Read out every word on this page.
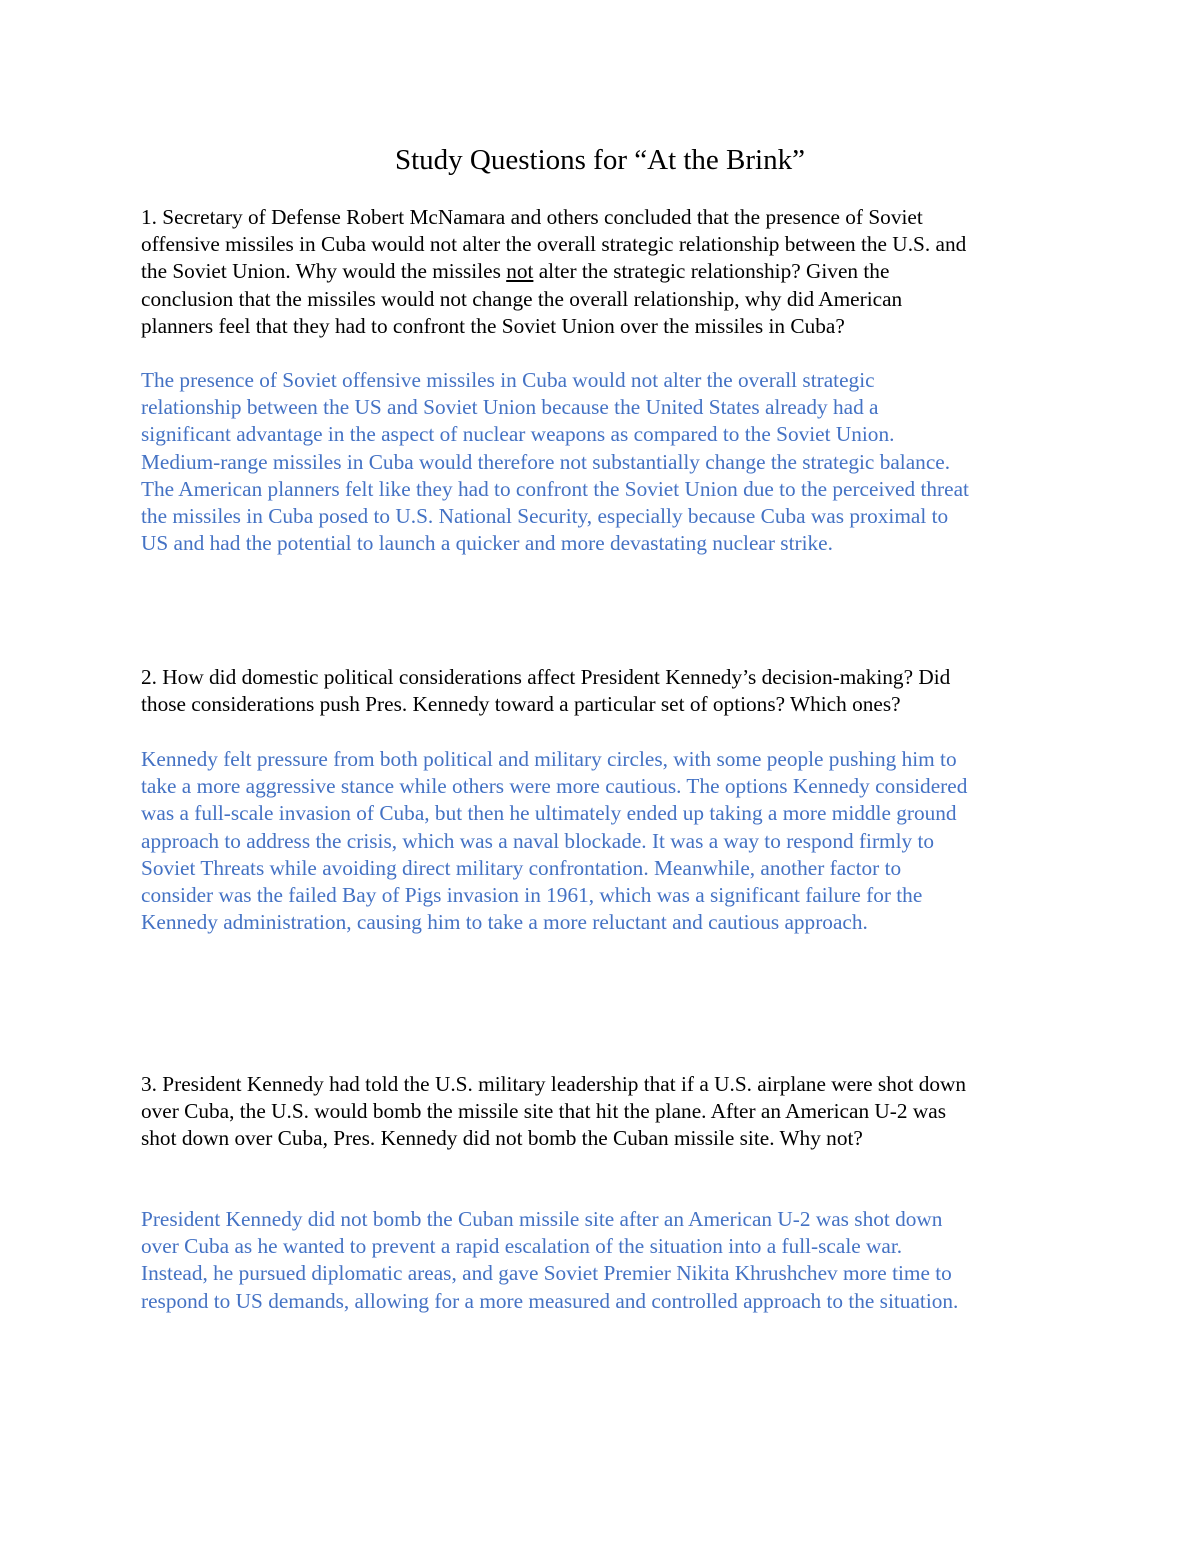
Study Questions for “At the Brink”

1. Secretary of Defense Robert McNamara and others concluded that the presence of Soviet
offensive missiles in Cuba would not alter the overall strategic relationship between the U.S. and
the Soviet Union. Why would the missiles not alter the strategic relationship? Given the
conclusion that the missiles would not change the overall relationship, why did American
planners feel that they had to confront the Soviet Union over the missiles in Cuba?

The presence of Soviet offensive missiles in Cuba would not alter the overall strategic
relationship between the US and Soviet Union because the United States already had a
significant advantage in the aspect of nuclear weapons as compared to the Soviet Union.
Medium-range missiles in Cuba would therefore not substantially change the strategic balance.
The American planners felt like they had to confront the Soviet Union due to the perceived threat
the missiles in Cuba posed to U.S. National Security, especially because Cuba was proximal to
US and had the potential to launch a quicker and more devastating nuclear strike.

2. How did domestic political considerations affect President Kennedy’s decision-making? Did
those considerations push Pres. Kennedy toward a particular set of options? Which ones?

Kennedy felt pressure from both political and military circles, with some people pushing him to
take a more aggressive stance while others were more cautious. The options Kennedy considered
was a full-scale invasion of Cuba, but then he ultimately ended up taking a more middle ground
approach to address the crisis, which was a naval blockade. It was a way to respond firmly to
Soviet Threats while avoiding direct military confrontation. Meanwhile, another factor to
consider was the failed Bay of Pigs invasion in 1961, which was a significant failure for the
Kennedy administration, causing him to take a more reluctant and cautious approach.

3. President Kennedy had told the U.S. military leadership that if a U.S. airplane were shot down
over Cuba, the U.S. would bomb the missile site that hit the plane. After an American U-2 was
shot down over Cuba, Pres. Kennedy did not bomb the Cuban missile site. Why not?

President Kennedy did not bomb the Cuban missile site after an American U-2 was shot down
over Cuba as he wanted to prevent a rapid escalation of the situation into a full-scale war.
Instead, he pursued diplomatic areas, and gave Soviet Premier Nikita Khrushchev more time to
respond to US demands, allowing for a more measured and controlled approach to the situation.
